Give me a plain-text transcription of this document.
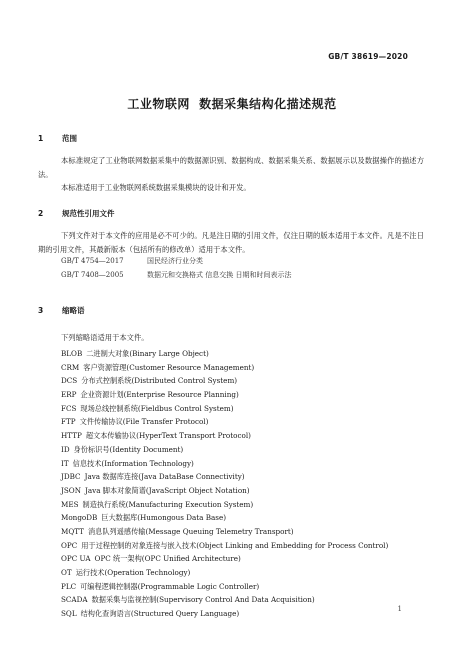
GB/T 38619—2020
工业物联网  数据采集结构化描述规范
1	范围
本标准规定了工业物联网数据采集中的数据源识别、数据构成、数据采集关系、数据展示以及数据操作的描述方法。
本标准适用于工业物联网系统数据采集模块的设计和开发。
2	规范性引用文件
下列文件对于本文件的应用是必不可少的。凡是注日期的引用文件，仅注日期的版本适用于本文件。凡是不注日期的引用文件，其最新版本（包括所有的修改单）适用于本文件。
GB/T 4754—2017	国民经济行业分类
GB/T 7408—2005	数据元和交换格式 信息交换 日期和时间表示法
3	缩略语
下列缩略语适用于本文件。
BLOB 二进制大对象(Binary Large Object)
CRM 客户资源管理(Customer Resource Management)
DCS 分布式控制系统(Distributed Control System)
ERP 企业资源计划(Enterprise Resource Planning)
FCS 现场总线控制系统(Fieldbus Control System)
FTP 文件传输协议(File Transfer Protocol)
HTTP 超文本传输协议(HyperText Transport Protocol)
ID 身份标识号(Identity Document)
IT 信息技术(Information Technology)
JDBC Java 数据库连接(Java DataBase Connectivity)
JSON Java 脚本对象简谱(JavaScript Object Notation)
MES 制造执行系统(Manufacturing Execution System)
MongoDB 巨大数据库(Humongous Data Base)
MQTT 消息队列遥感传输(Message Queuing Telemetry Transport)
OPC 用于过程控制的对象连接与嵌入技术(Object Linking and Embedding for Process Control)
OPC UA OPC 统一架构(OPC Unified Architecture)
OT 运行技术(Operation Technology)
PLC 可编程逻辑控制器(Programmable Logic Controller)
SCADA 数据采集与监视控制(Supervisory Control And Data Acquisition)
SQL 结构化查询语言(Structured Query Language)
1
